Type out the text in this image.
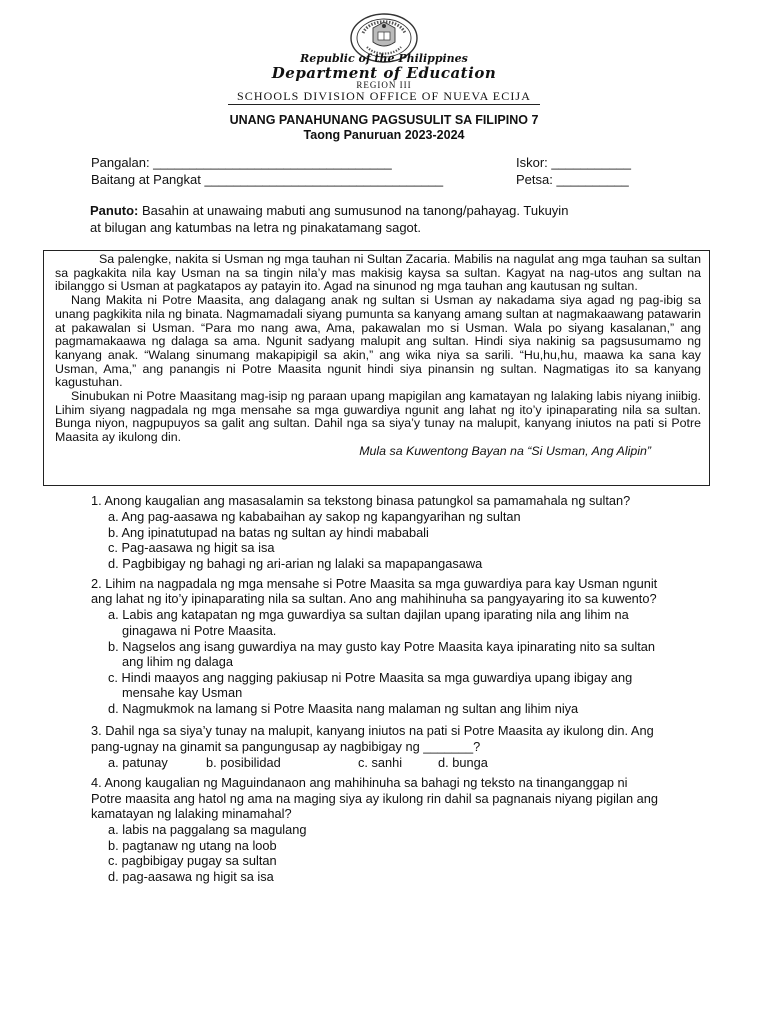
Republic of the Philippines
Department of Education
REGION III
SCHOOLS DIVISION OFFICE OF NUEVA ECIJA
UNANG PANAHUNANG PAGSUSULIT SA FILIPINO 7
Taong Panuruan 2023-2024
Pangalan: _________________________________
Baitang at Pangkat _________________________________
Iskor: ___________
Petsa: __________
Panuto: Basahin at unawaing mabuti ang sumusunod na tanong/pahayag. Tukuyin
at bilugan ang katumbas na letra ng pinakatamang sagot.

Sa palengke, nakita si Usman ng mga tauhan ni Sultan Zacaria. Mabilis na nagulat ang mga tauhan sa sultan sa pagkakita nila kay Usman na sa tingin nila’y mas makisig kaysa sa sultan. Kagyat na nag-utos ang sultan na ibilanggo si Usman at pagkatapos ay patayin ito. Agad na sinunod ng mga tauhan ang kautusan ng sultan.

Nang Makita ni Potre Maasita, ang dalagang anak ng sultan si Usman ay nakadama siya agad ng pag-ibig sa unang pagkikita nila ng binata. Nagmamadali siyang pumunta sa kanyang amang sultan at nagmakaawang patawarin at pakawalan si Usman. “Para mo nang awa, Ama, pakawalan mo si Usman. Wala po siyang kasalanan,” ang pagmamakaawa ng dalaga sa ama. Ngunit sadyang malupit ang sultan. Hindi siya nakinig sa pagsusumamo ng kanyang anak. “Walang sinumang makapipigil sa akin,” ang wika niya sa sarili. “Hu,hu,hu, maawa ka sana kay Usman, Ama,” ang panangis ni Potre Maasita ngunit hindi siya pinansin ng sultan. Nagmatigas ito sa kanyang kagustuhan.

Sinubukan ni Potre Maasitang mag-isip ng paraan upang mapigilan ang kamatayan ng lalaking labis niyang iniibig. Lihim siyang nagpadala ng mga mensahe sa mga guwardiya ngunit ang lahat ng ito’y ipinaparating nila sa sultan. Bunga niyon, nagpupuyos sa galit ang sultan. Dahil nga sa siya’y tunay na malupit, kanyang iniutos na pati si Potre Maasita ay ikulong din.

Mula sa Kuwentong Bayan na “Si Usman, Ang Alipin”

1. Anong kaugalian ang masasalamin sa tekstong binasa patungkol sa pamamahala ng sultan?
a. Ang pag-aasawa ng kababaihan ay sakop ng kapangyarihan ng sultan
b. Ang ipinatutupad na batas ng sultan ay hindi mababali
c. Pag-aasawa ng higit sa isa
d. Pagbibigay ng bahagi ng ari-arian ng lalaki sa mapapangasawa
2. Lihim na nagpadala ng mga mensahe si Potre Maasita sa mga guwardiya para kay Usman ngunit
ang lahat ng ito’y ipinaparating nila sa sultan. Ano ang mahihinuha sa pangyayaring ito sa kuwento?
a. Labis ang katapatan ng mga guwardiya sa sultan dajilan upang iparating nila ang lihim na
ginagawa ni Potre Maasita.
b. Nagselos ang isang guwardiya na may gusto kay Potre Maasita kaya ipinarating nito sa sultan
ang lihim ng dalaga
c. Hindi maayos ang nagging pakiusap ni Potre Maasita sa mga guwardiya upang ibigay ang
mensahe kay Usman
d. Nagmukmok na lamang si Potre Maasita nang malaman ng sultan ang lihim niya
3. Dahil nga sa siya’y tunay na malupit, kanyang iniutos na pati si Potre Maasita ay ikulong din. Ang
pang-ugnay na ginamit sa pangungusap ay nagbibigay ng _______?
a. patunay	b. posibilidad	c. sanhi	d. bunga
4. Anong kaugalian ng Maguindanaon ang mahihinuha sa bahagi ng teksto na tinanganggap ni
Potre maasita ang hatol ng ama na maging siya ay ikulong rin dahil sa pagnanais niyang pigilan ang
kamatayan ng lalaking minamahal?
a. labis na paggalang sa magulang
b. pagtanaw ng utang na loob
c. pagbibigay pugay sa sultan
d. pag-aasawa ng higit sa isa
